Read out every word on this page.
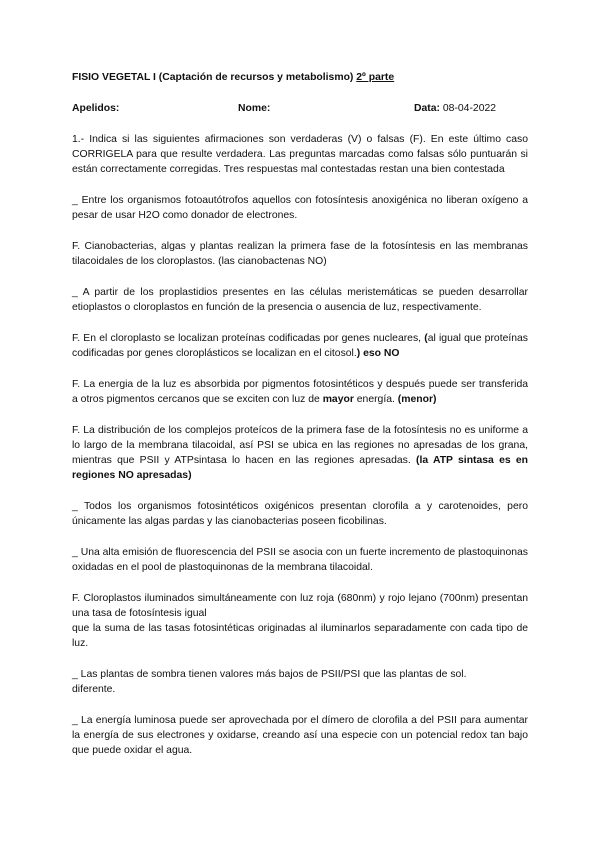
FISIO VEGETAL I (Captación de recursos y metabolismo) 2º parte
Apelidos:	Nome:	Data: 08-04-2022
1.- Indica si las siguientes afirmaciones son verdaderas (V) o falsas (F). En este último caso CORRIGELA para que resulte verdadera. Las preguntas marcadas como falsas sólo puntuarán si están correctamente corregidas. Tres respuestas mal contestadas restan una bien contestada
_ Entre los organismos fotoautótrofos aquellos con fotosíntesis anoxigénica no liberan oxígeno a pesar de usar H2O como donador de electrones.
F. Cianobacterias, algas y plantas realizan la primera fase de la fotosíntesis en las membranas tilacoidales de los cloroplastos. (las cianobactenas NO)
_ A partir de los proplastidios presentes en las células meristemáticas se pueden desarrollar etioplastos o cloroplastos en función de la presencia o ausencia de luz, respectivamente.
F. En el cloroplasto se localizan proteínas codificadas por genes nucleares, (al igual que proteínas codificadas por genes cloroplásticos se localizan en el citosol.) eso NO
F. La energia de la luz es absorbida por pigmentos fotosintéticos y después puede ser transferida a otros pigmentos cercanos que se exciten con luz de mayor energía. (menor)
F. La distribución de los complejos proteícos de la primera fase de la fotosíntesis no es uniforme a lo largo de la membrana tilacoidal, así PSI se ubica en las regiones no apresadas de los grana, mientras que PSII y ATPsintasa lo hacen en las regiones apresadas. (la ATP sintasa es en regiones NO apresadas)
_ Todos los organismos fotosintéticos oxigénicos presentan clorofila a y carotenoides, pero únicamente las algas pardas y las cianobacterias poseen ficobilinas.
_ Una alta emisión de fluorescencia del PSII se asocia con un fuerte incremento de plastoquinonas oxidadas en el pool de plastoquinonas de la membrana tilacoidal.
F. Cloroplastos iluminados simultáneamente con luz roja (680nm) y rojo lejano (700nm) presentan una tasa de fotosíntesis igual
que la suma de las tasas fotosintéticas originadas al iluminarlos separadamente con cada tipo de luz.
_ Las plantas de sombra tienen valores más bajos de PSII/PSI que las plantas de sol.
diferente.
_ La energía luminosa puede ser aprovechada por el dímero de clorofila a del PSII para aumentar la energía de sus electrones y oxidarse, creando así una especie con un potencial redox tan bajo que puede oxidar el agua.
